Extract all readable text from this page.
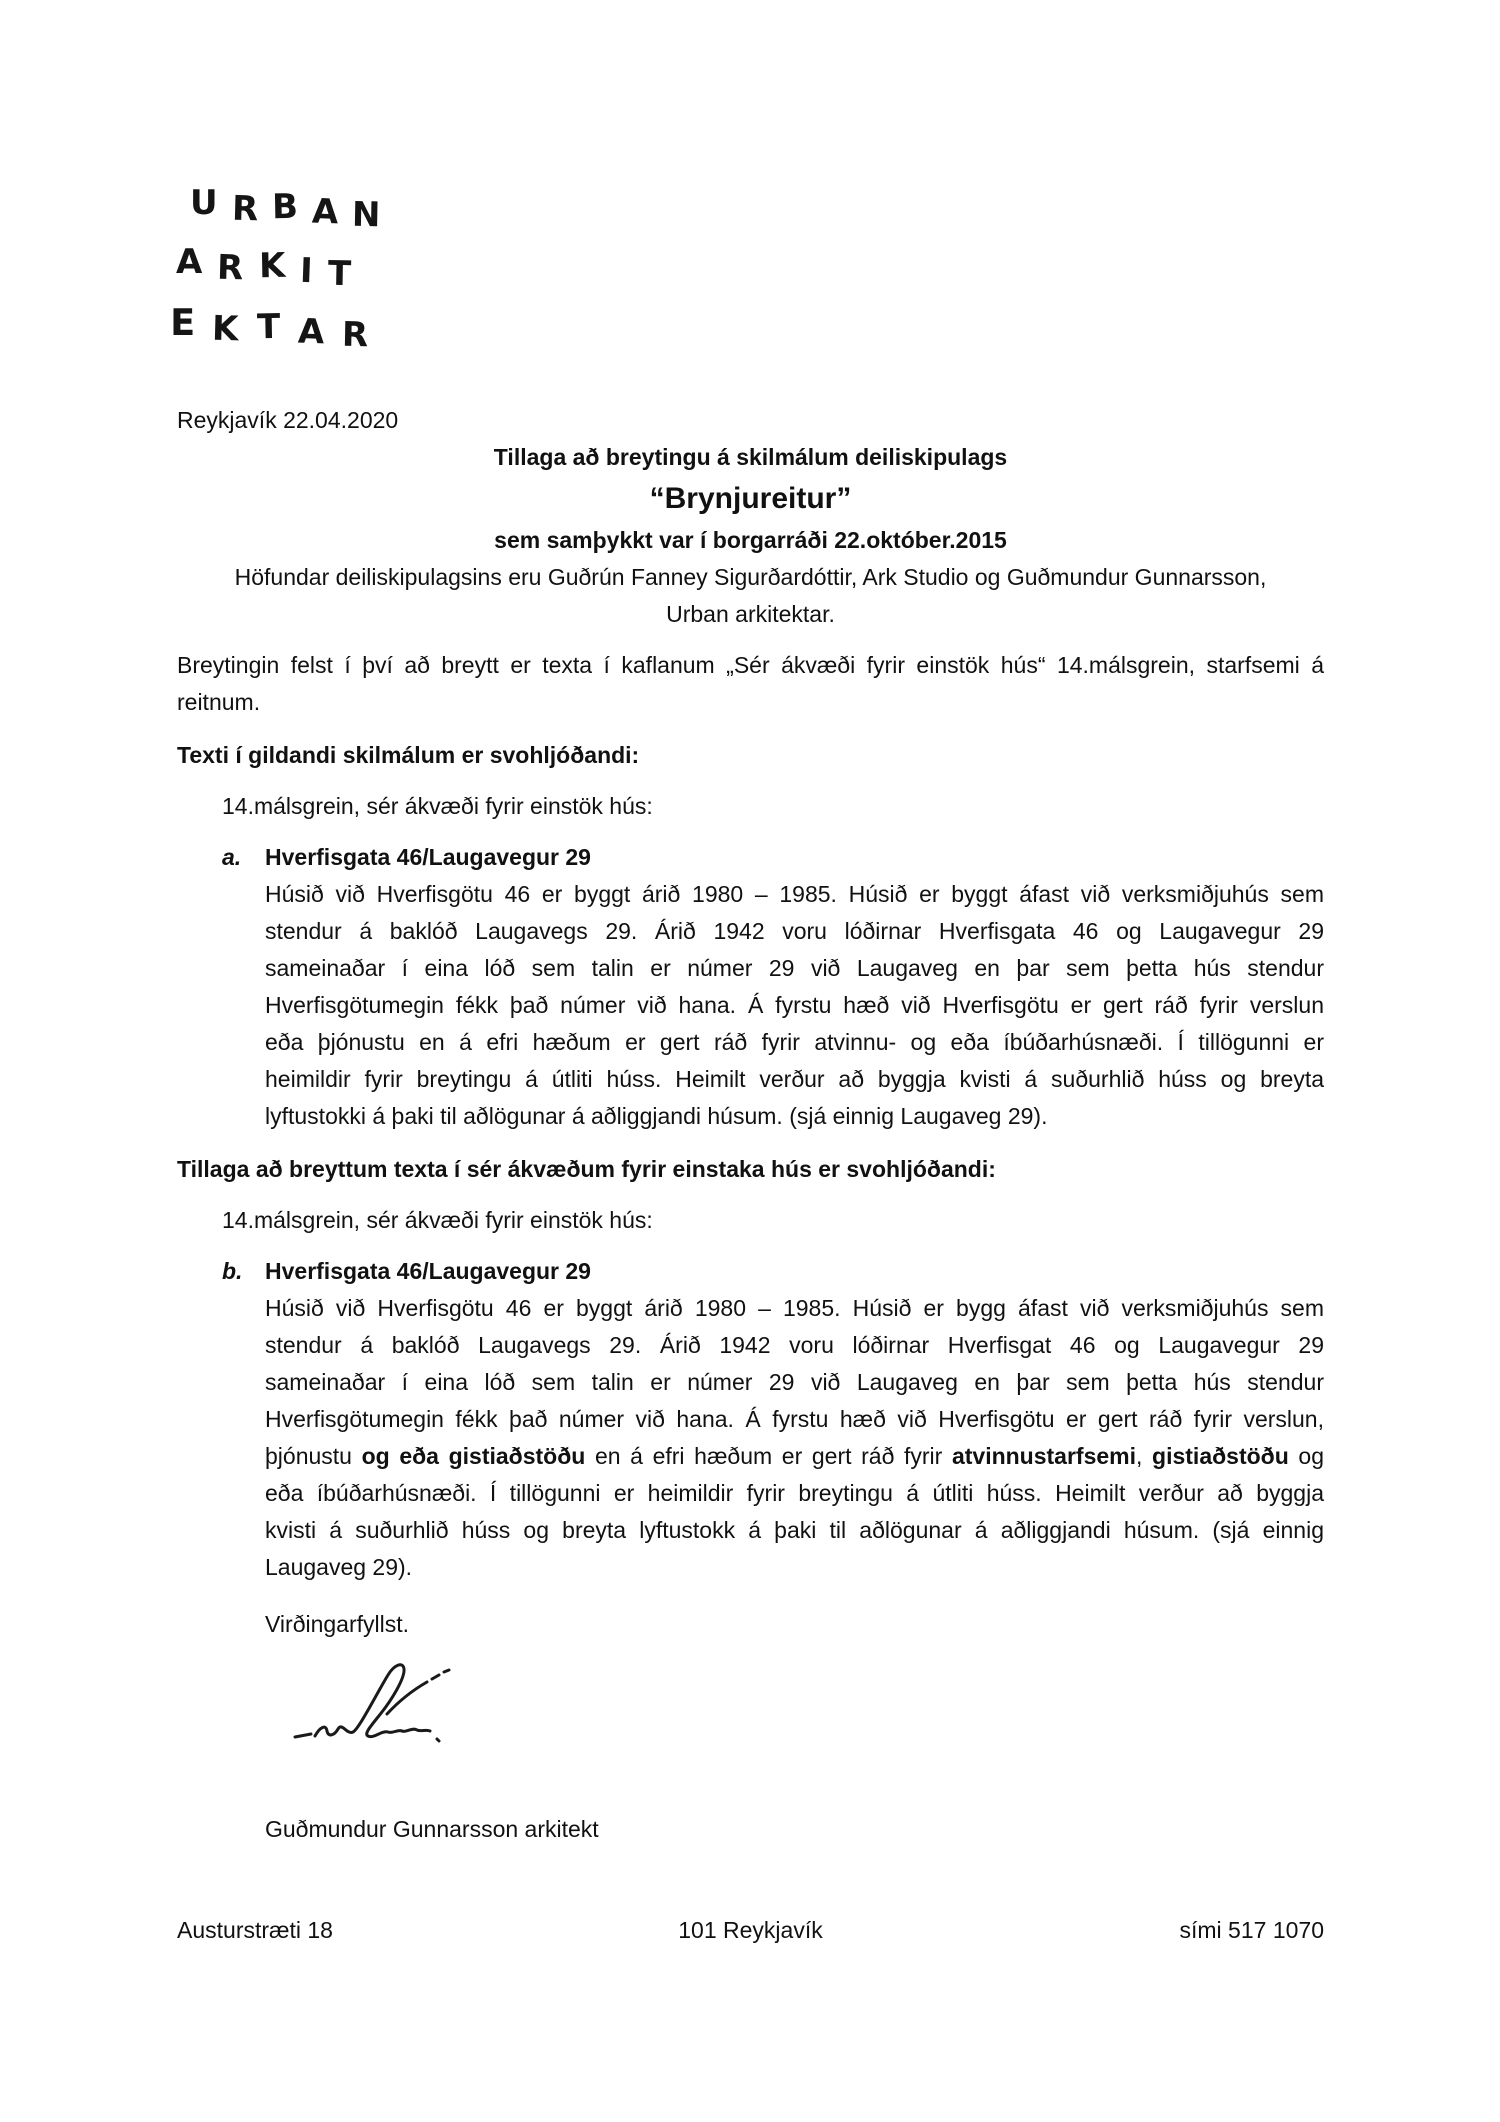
U R B A N
A R K I T
E K T A R
Reykjavík 22.04.2020
Tillaga að breytingu á skilmálum deiliskipulags
“Brynjureitur”
sem samþykkt var í borgarráði 22.október.2015
Höfundar deiliskipulagsins eru Guðrún Fanney Sigurðardóttir, Ark Studio og Guðmundur Gunnarsson,
Urban arkitektar.
Breytingin felst í því að breytt er texta í kaflanum „Sér ákvæði fyrir einstök hús“ 14.málsgrein, starfsemi á
reitnum.
Texti í gildandi skilmálum er svohljóðandi:
14.málsgrein, sér ákvæði fyrir einstök hús:
a.	Hverfisgata 46/Laugavegur 29
Húsið við Hverfisgötu 46 er byggt árið 1980 – 1985. Húsið er byggt áfast við verksmiðjuhús sem
stendur á baklóð Laugavegs 29. Árið 1942 voru lóðirnar Hverfisgata 46 og Laugavegur 29
sameinaðar í eina lóð sem talin er númer 29 við Laugaveg en þar sem þetta hús stendur
Hverfisgötumegin fékk það númer við hana. Á fyrstu hæð við Hverfisgötu er gert ráð fyrir verslun
eða þjónustu en á efri hæðum er gert ráð fyrir atvinnu- og eða íbúðarhúsnæði. Í tillögunni er
heimildir fyrir breytingu á útliti húss. Heimilt verður að byggja kvisti á suðurhlið húss og breyta
lyftustokki á þaki til aðlögunar á aðliggjandi húsum. (sjá einnig Laugaveg 29).
Tillaga að breyttum texta í sér ákvæðum fyrir einstaka hús er svohljóðandi:
14.málsgrein, sér ákvæði fyrir einstök hús:
b. Hverfisgata 46/Laugavegur 29
Húsið við Hverfisgötu 46 er byggt árið 1980 – 1985. Húsið er bygg áfast við verksmiðjuhús sem
stendur á baklóð Laugavegs 29. Árið 1942 voru lóðirnar Hverfisgat 46 og Laugavegur 29
sameinaðar í eina lóð sem talin er númer 29 við Laugaveg en þar sem þetta hús stendur
Hverfisgötumegin fékk það númer við hana. Á fyrstu hæð við Hverfisgötu er gert ráð fyrir verslun,
þjónustu og eða gistiaðstöðu en á efri hæðum er gert ráð fyrir atvinnustarfsemi, gistiaðstöðu og
eða íbúðarhúsnæði. Í tillögunni er heimildir fyrir breytingu á útliti húss. Heimilt verður að byggja
kvisti á suðurhlið húss og breyta lyftustokk á þaki til aðlögunar á aðliggjandi húsum. (sjá einnig
Laugaveg 29).
Virðingarfyllst.
Guðmundur Gunnarsson arkitekt
Austurstræti 18	101 Reykjavík	sími 517 1070
